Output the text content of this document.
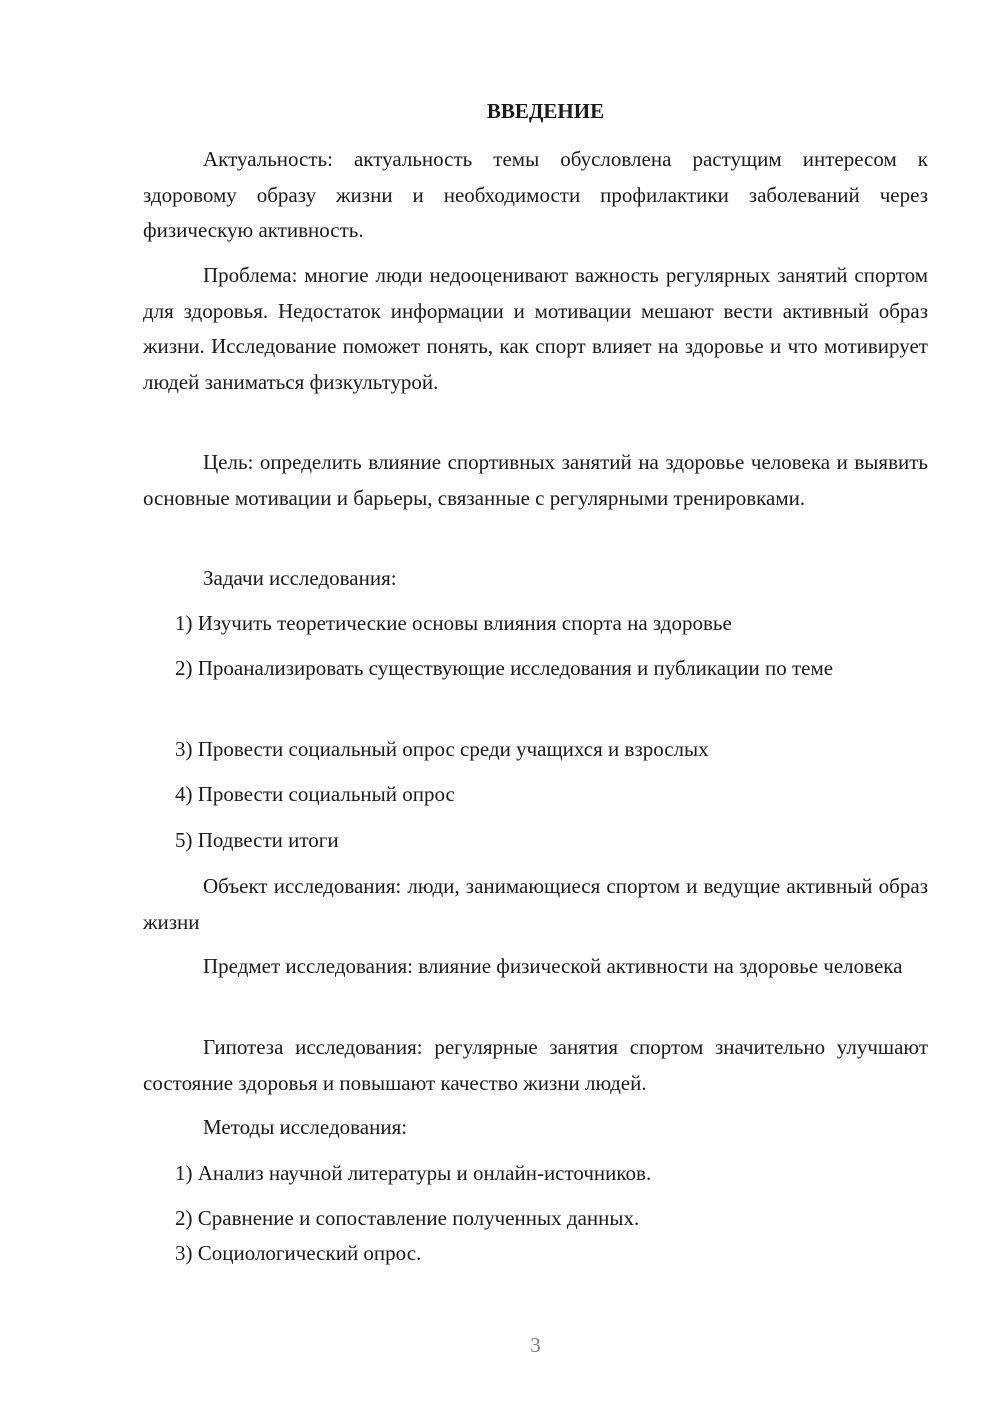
ВВЕДЕНИЕ

Актуальность: актуальность темы обусловлена растущим интересом к здоровому образу жизни и необходимости профилактики заболеваний через физическую активность.

Проблема: многие люди недооценивают важность регулярных занятий спортом для здоровья. Недостаток информации и мотивации мешают вести активный образ жизни. Исследование поможет понять, как спорт влияет на здоровье и что мотивирует людей заниматься физкультурой.

Цель: определить влияние спортивных занятий на здоровье человека и выявить основные мотивации и барьеры, связанные с регулярными тренировками.

Задачи исследования:

1) Изучить теоретические основы влияния спорта на здоровье

2) Проанализировать существующие исследования и публикации по теме

3) Провести социальный опрос среди учащихся и взрослых

4) Провести социальный опрос

5) Подвести итоги

Объект исследования: люди, занимающиеся спортом и ведущие активный образ жизни

Предмет исследования: влияние физической активности на здоровье человека

Гипотеза исследования: регулярные занятия спортом значительно улучшают состояние здоровья и повышают качество жизни людей.

Методы исследования:

1) Анализ научной литературы и онлайн-источников.

2) Сравнение и сопоставление полученных данных.

3) Социологический опрос.

3
